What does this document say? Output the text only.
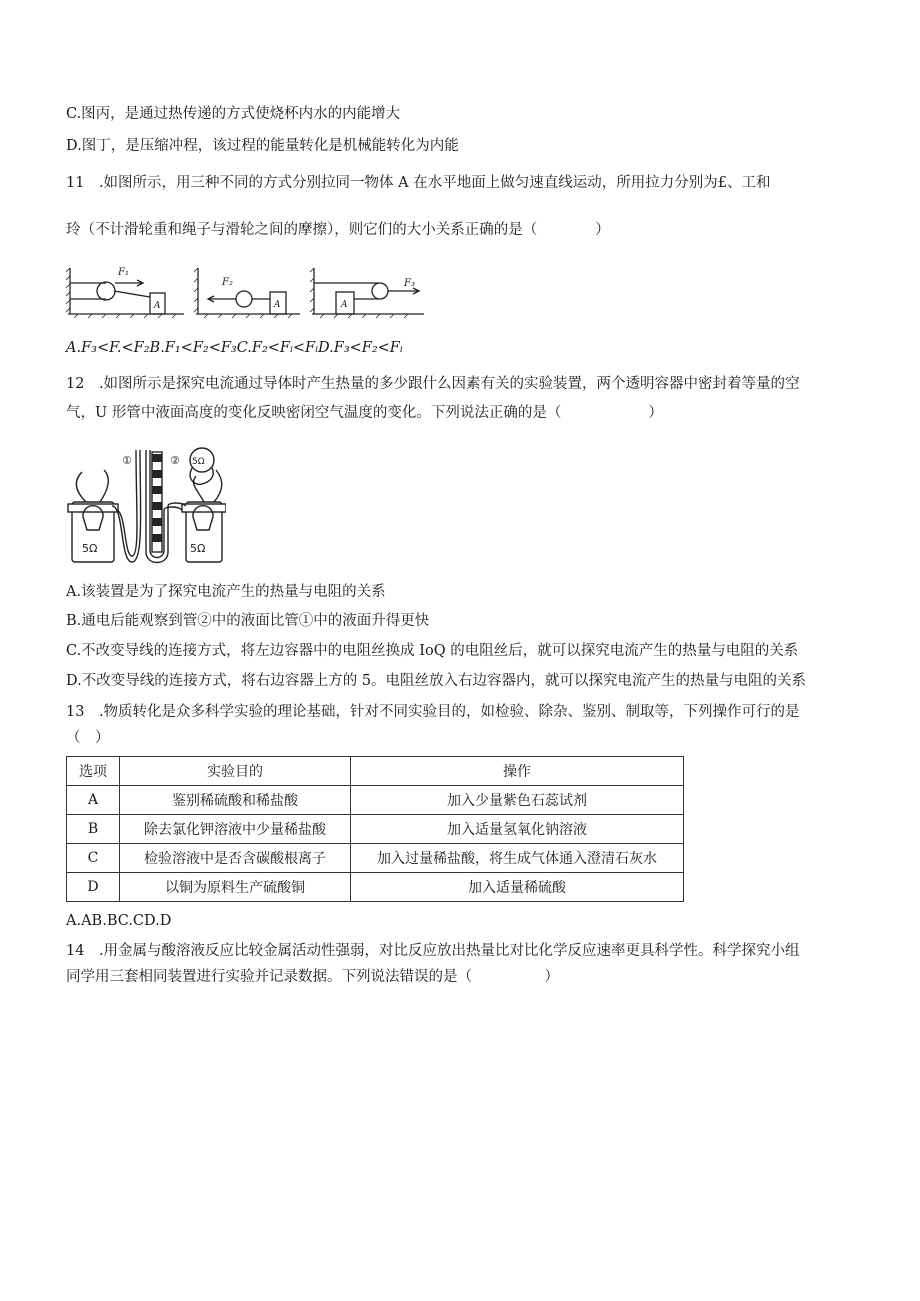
C.图丙，是通过热传递的方式使烧杯内水的内能增大
D.图丁，是压缩冲程，该过程的能量转化是机械能转化为内能
11　.如图所示，用三种不同的方式分别拉同一物体 A 在水平地面上做匀速直线运动，所用拉力分别为£、工和
玲（不计滑轮重和绳子与滑轮之间的摩擦），则它们的大小关系正确的是（　　　　）
F₁
F₂	F₃
A	A	A
A.F₃<F.<F₂B.F₁<F₂<F₃C.F₂<Fᵢ<FᵢD.F₃<F₂<Fᵢ
12　.如图所示是探究电流通过导体时产生热量的多少跟什么因素有关的实验装置，两个透明容器中密封着等量的空
气，U 形管中液面高度的变化反映密闭空气温度的变化。下列说法正确的是（　　　　　　）
①	②
5Ω	5Ω
5Ω
A.该装置是为了探究电流产生的热量与电阻的关系
B.通电后能观察到管②中的液面比管①中的液面升得更快
C.不改变导线的连接方式，将左边容器中的电阻丝换成 IoQ 的电阻丝后，就可以探究电流产生的热量与电阻的关系
D.不改变导线的连接方式，将右边容器上方的 5。电阻丝放入右边容器内，就可以探究电流产生的热量与电阻的关系
13　.物质转化是众多科学实验的理论基础，针对不同实验目的，如检验、除杂、鉴别、制取等，下列操作可行的是
（　）
选项	实验目的	操作
A	鉴别稀硫酸和稀盐酸	加入少量紫色石蕊试剂
B	除去氯化钾溶液中少量稀盐酸	加入适量氢氧化钠溶液
C	检验溶液中是否含碳酸根离子	加入过量稀盐酸，将生成气体通入澄清石灰水
D	以铜为原料生产硫酸铜	加入适量稀硫酸
A.AB.BC.CD.D
14　.用金属与酸溶液反应比较金属活动性强弱，对比反应放出热量比对比化学反应速率更具科学性。科学探究小组
同学用三套相同装置进行实验并记录数据。下列说法错误的是（　　　　　）
